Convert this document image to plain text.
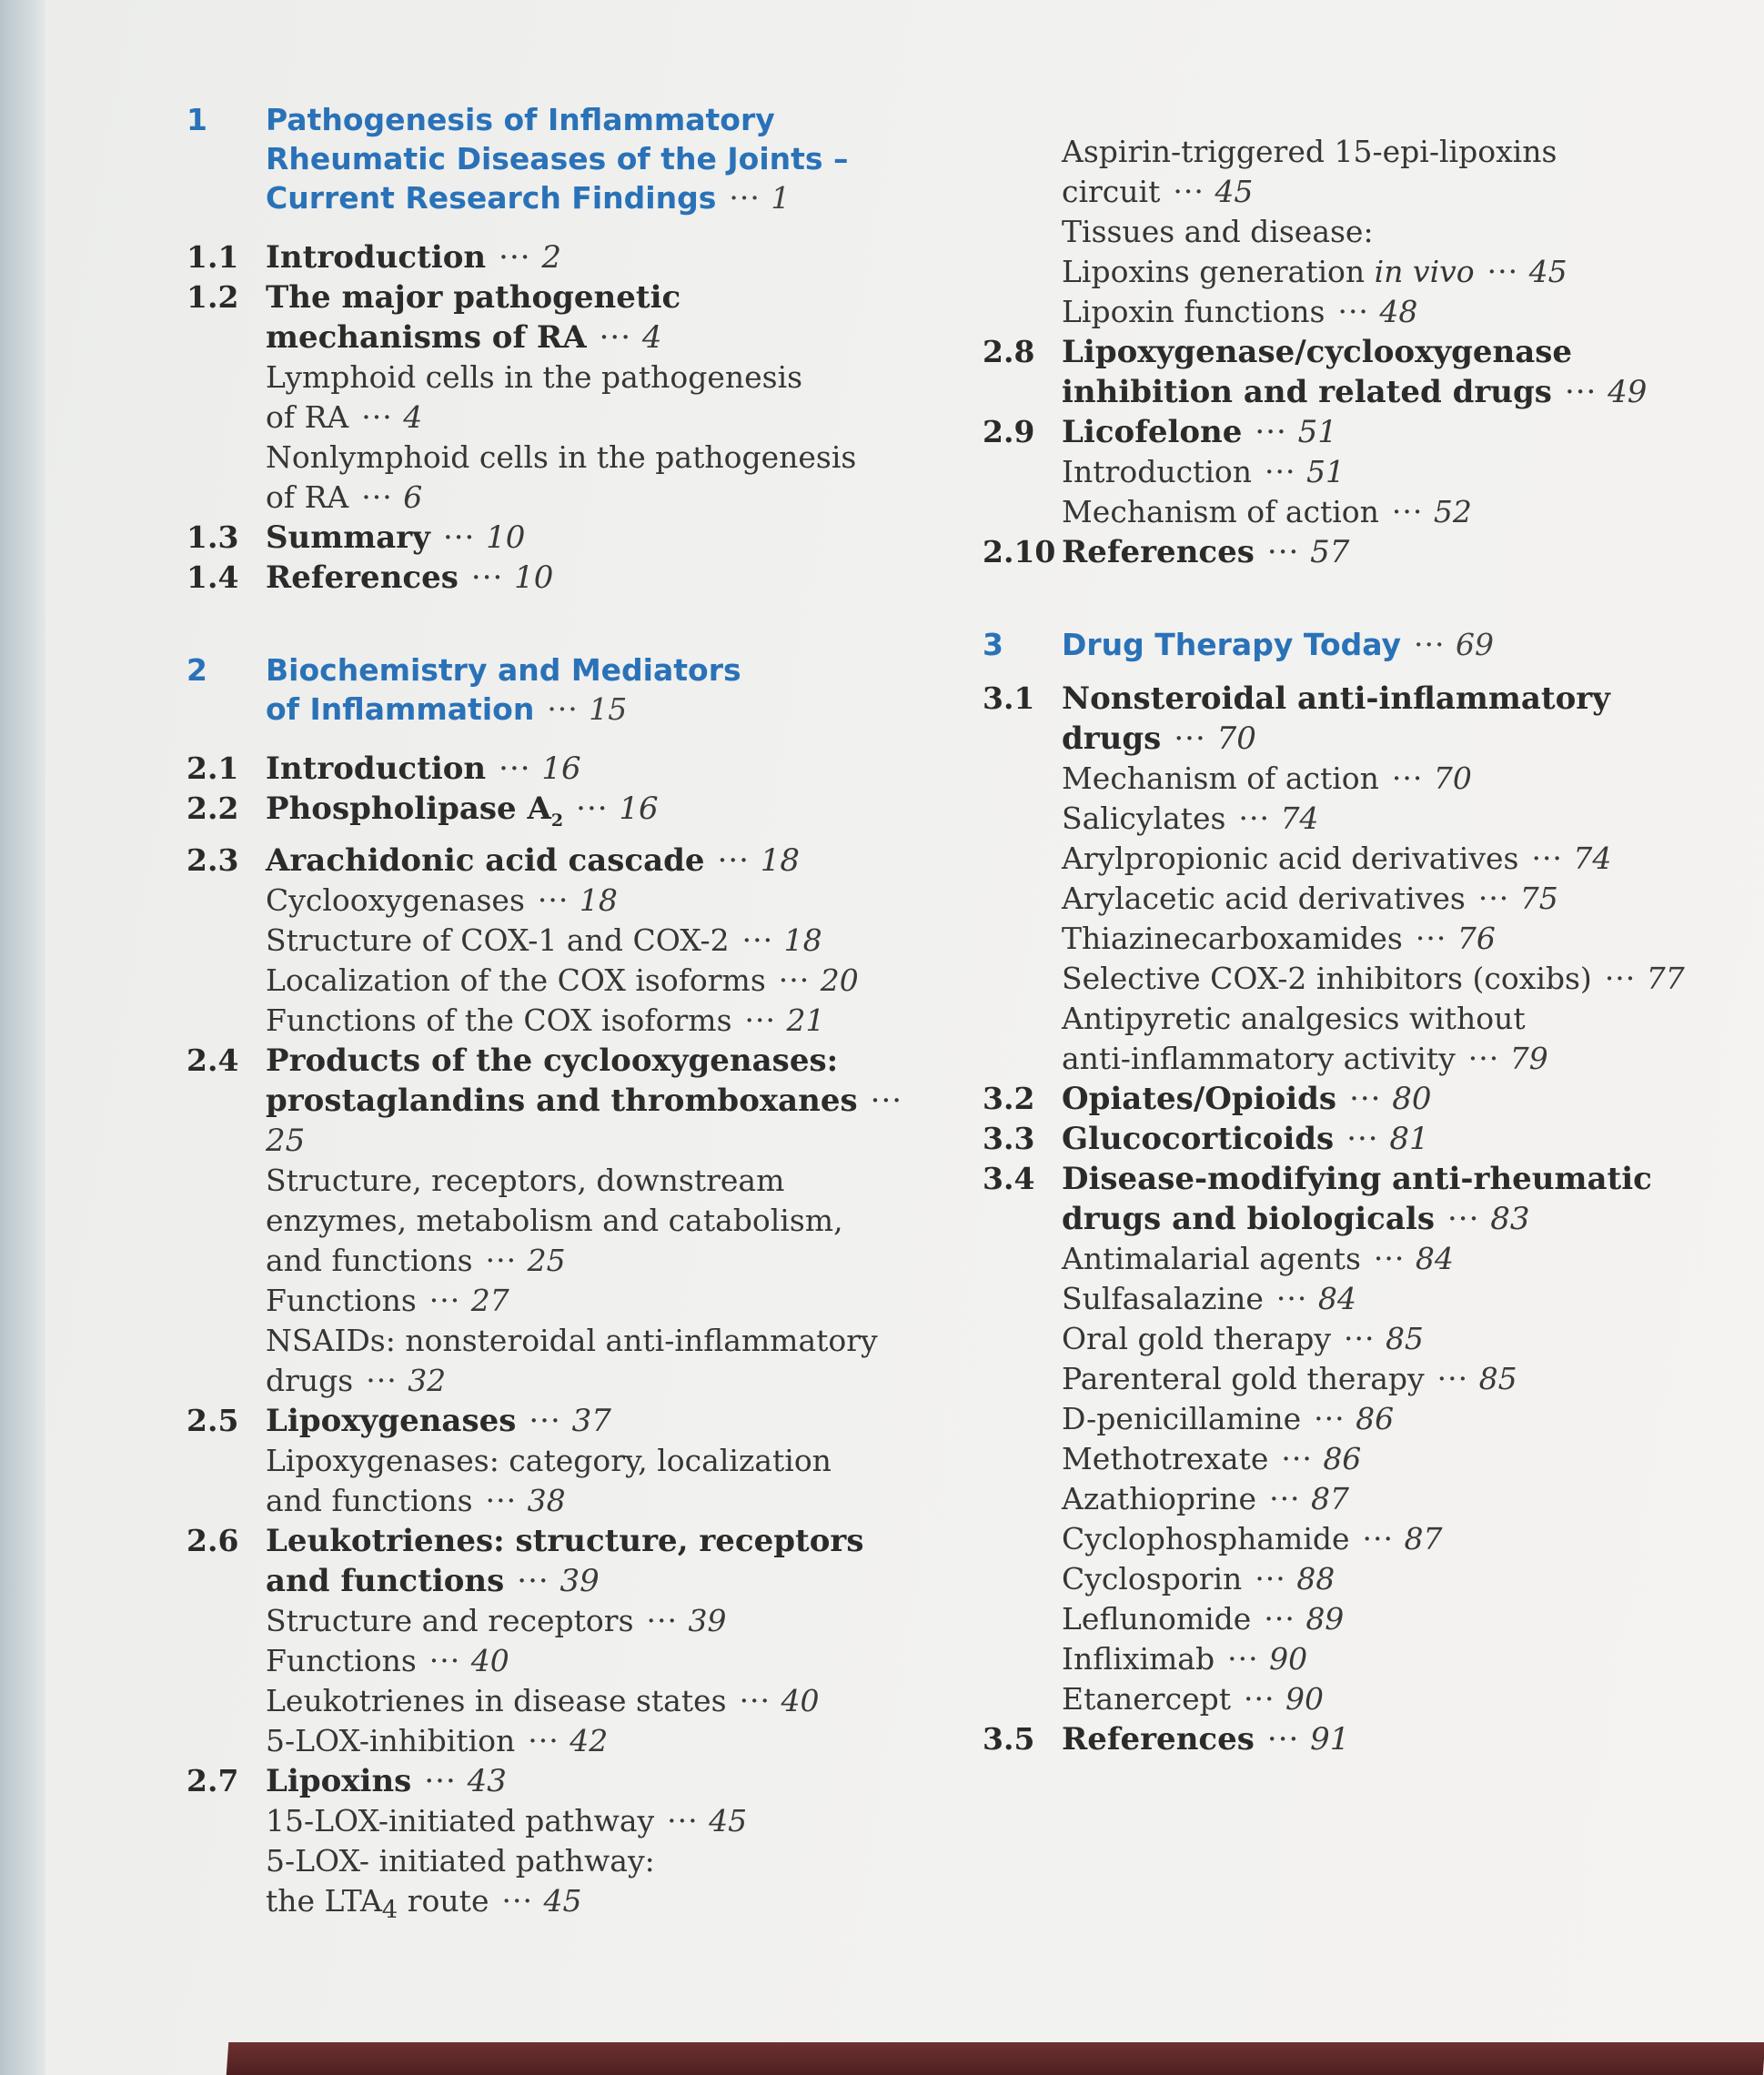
1	Pathogenesis of Inflammatory
Rheumatic Diseases of the Joints –
Current Research Findings ··· 1
1.1 Introduction ··· 2
1.2 The major pathogenetic
mechanisms of RA ··· 4
Lymphoid cells in the pathogenesis
of RA ··· 4
Nonlymphoid cells in the pathogenesis
of RA ··· 6
1.3 Summary ··· 10
1.4 References ··· 10
2	Biochemistry and Mediators
of Inflammation ··· 15
2.1 Introduction ··· 16
2.2 Phospholipase $A_2$ ··· 16
2.3 Arachidonic acid cascade ··· 18
Cyclooxygenases ··· 18
Structure of COX-1 and COX-2 ··· 18
Localization of the COX isoforms ··· 20
Functions of the COX isoforms ··· 21
2.4 Products of the cyclooxygenases:
prostaglandins and thromboxanes··· 25
Structure, receptors, downstream
enzymes, metabolism and catabolism,
and functions ··· 25
Functions ··· 27
NSAIDs: nonsteroidal anti-inflammatory
drugs ··· 32
2.5 Lipoxygenases ··· 37
Lipoxygenases: category, localization
and functions ··· 38
2.6 Leukotrienes: structure, receptors
and functions ··· 39
Structure and receptors ··· 39
Functions ··· 40
Leukotrienes in disease states ··· 40
5-LOX-inhibition ··· 42
2.7 Lipoxins ··· 43
15-LOX-initiated pathway ··· 45
5-LOX- initiated pathway:
the $LTA_4$ route ··· 45
Aspirin-triggered 15-epi-lipoxins
circuit ··· 45
Tissues and disease:
Lipoxins generation in vivo ··· 45
Lipoxin functions ··· 48
2.8 Lipoxygenase/cyclooxygenase
inhibition and related drugs ··· 49
2.9 Licofelone ··· 51
Introduction ··· 51
Mechanism of action ··· 52
2.10 References ··· 57
3	Drug Therapy Today ··· 69
3.1 Nonsteroidal anti-inflammatory
drugs ··· 70
Mechanism of action ··· 70
Salicylates ··· 74
Arylpropionic acid derivatives ··· 74
Arylacetic acid derivatives ··· 75
Thiazinecarboxamides ··· 76
Selective COX-2 inhibitors (coxibs) ··· 77
Antipyretic analgesics without
anti-inflammatory activity ··· 79
3.2 Opiates/Opioids ··· 80
3.3 Glucocorticoids ··· 81
3.4 Disease-modifying anti-rheumatic
drugs and biologicals ··· 83
Antimalarial agents ··· 84
Sulfasalazine ··· 84
Oral gold therapy ··· 85
Parenteral gold therapy ··· 85
D-penicillamine ··· 86
Methotrexate ··· 86
Azathioprine ··· 87
Cyclophosphamide ··· 87
Cyclosporin ··· 88
Leflunomide ··· 89
Infliximab ··· 90
Etanercept ··· 90
3.5 References ··· 91
